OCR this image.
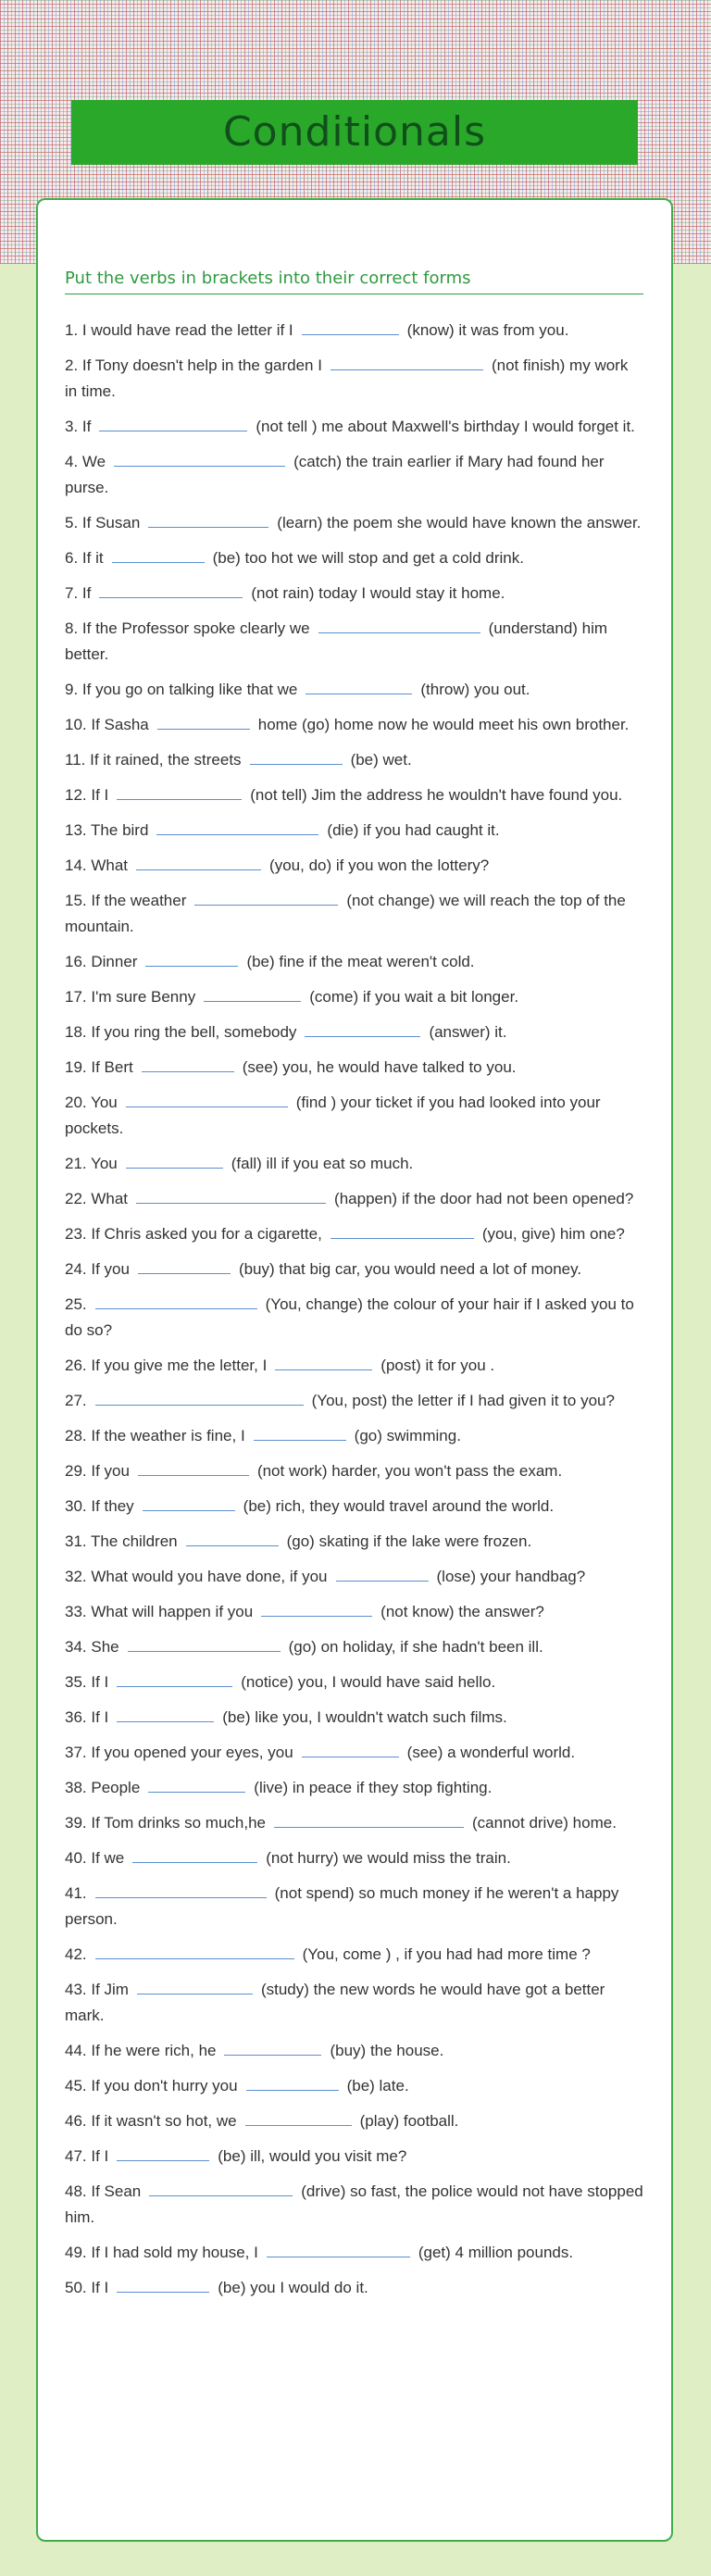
Conditionals
Put the verbs in brackets into their correct forms
1. I would have read the letter if I	(know) it was from you.
2. If Tony doesn't help in the garden I	(not finish) my work in time.
3. If	(not tell ) me about Maxwell's birthday I would forget it.
4. We	(catch) the train earlier if Mary had found her purse.
5. If Susan	(learn) the poem she would have known the answer.
6. If it	(be) too hot we will stop and get a cold drink.
7. If	(not rain) today I would stay it home.
8. If the Professor spoke clearly we	(understand) him better.
9. If you go on talking like that we	(throw) you out.
10. If Sasha	home (go) home now he would meet his own brother.
11. If it rained, the streets	(be) wet.
12. If I	(not tell) Jim the address he wouldn't have found you.
13. The bird	(die) if you had caught it.
14. What	(you, do) if you won the lottery?
15. If the weather	(not change) we will reach the top of the mountain.
16. Dinner	(be) fine if the meat weren't cold.
17. I'm sure Benny	(come) if you wait a bit longer.
18. If you ring the bell, somebody	(answer) it.
19. If Bert	(see) you, he would have talked to you.
20. You	(find ) your ticket if you had looked into your pockets.
21. You	(fall) ill if you eat so much.
22. What	(happen) if the door had not been opened?
23. If Chris asked you for a cigarette,	(you, give) him one?
24. If you	(buy) that big car, you would need a lot of money.
25.	(You, change) the colour of your hair if I asked you to do so?
26. If you give me the letter, I	(post) it for you .
27.	(You, post) the letter if I had given it to you?
28. If the weather is fine, I	(go) swimming.
29. If you	(not work) harder, you won't pass the exam.
30. If they	(be) rich, they would travel around the world.
31. The children	(go) skating if the lake were frozen.
32. What would you have done, if you	(lose) your handbag?
33. What will happen if you	(not know) the answer?
34. She	(go) on holiday, if she hadn't been ill.
35. If I	(notice) you, I would have said hello.
36. If I	(be) like you, I wouldn't watch such films.
37. If you opened your eyes, you	(see) a wonderful world.
38. People	(live) in peace if they stop fighting.
39. If Tom drinks so much,he	(cannot drive) home.
40. If we	(not hurry) we would miss the train.
41.	(not spend) so much money if he weren't a happy person.
42.	(You, come ) , if you had had more time ?
43. If Jim	(study) the new words he would have got a better mark.
44. If he were rich, he	(buy) the house.
45. If you don't hurry you	(be) late.
46. If it wasn't so hot, we	(play) football.
47. If I	(be) ill, would you visit me?
48. If Sean	(drive) so fast, the police would not have stopped him.
49. If I had sold my house, I	(get) 4 million pounds.
50. If I	(be) you I would do it.
